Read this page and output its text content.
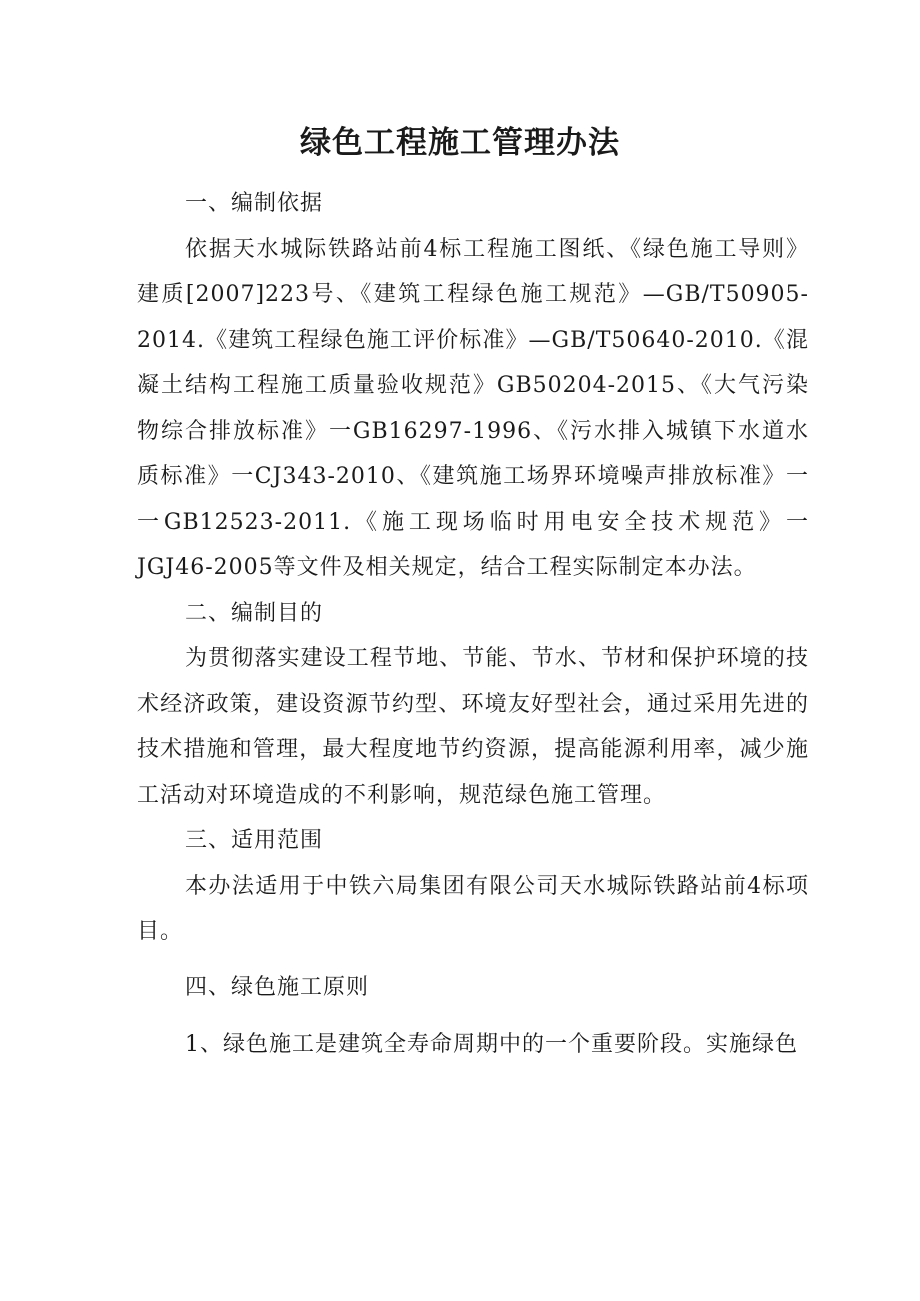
绿色工程施工管理办法

一、编制依据

依据天水城际铁路站前4标工程施工图纸、《绿色施工导则》建质[2007]223号、《建筑工程绿色施工规范》—GB/T50905-2014.《建筑工程绿色施工评价标准》—GB/T50640-2010.《混凝土结构工程施工质量验收规范》GB50204-2015、《大气污染物综合排放标准》一GB16297-1996、《污水排入城镇下水道水质标准》一CJ343-2010、《建筑施工场界环境噪声排放标准》一一GB12523-2011.《施工现场临时用电安全技术规范》一JGJ46-2005等文件及相关规定，结合工程实际制定本办法。

二、编制目的

为贯彻落实建设工程节地、节能、节水、节材和保护环境的技术经济政策，建设资源节约型、环境友好型社会，通过采用先进的技术措施和管理，最大程度地节约资源，提高能源利用率，减少施工活动对环境造成的不利影响，规范绿色施工管理。

三、适用范围

本办法适用于中铁六局集团有限公司天水城际铁路站前4标项目。

四、绿色施工原则

1、绿色施工是建筑全寿命周期中的一个重要阶段。实施绿色
